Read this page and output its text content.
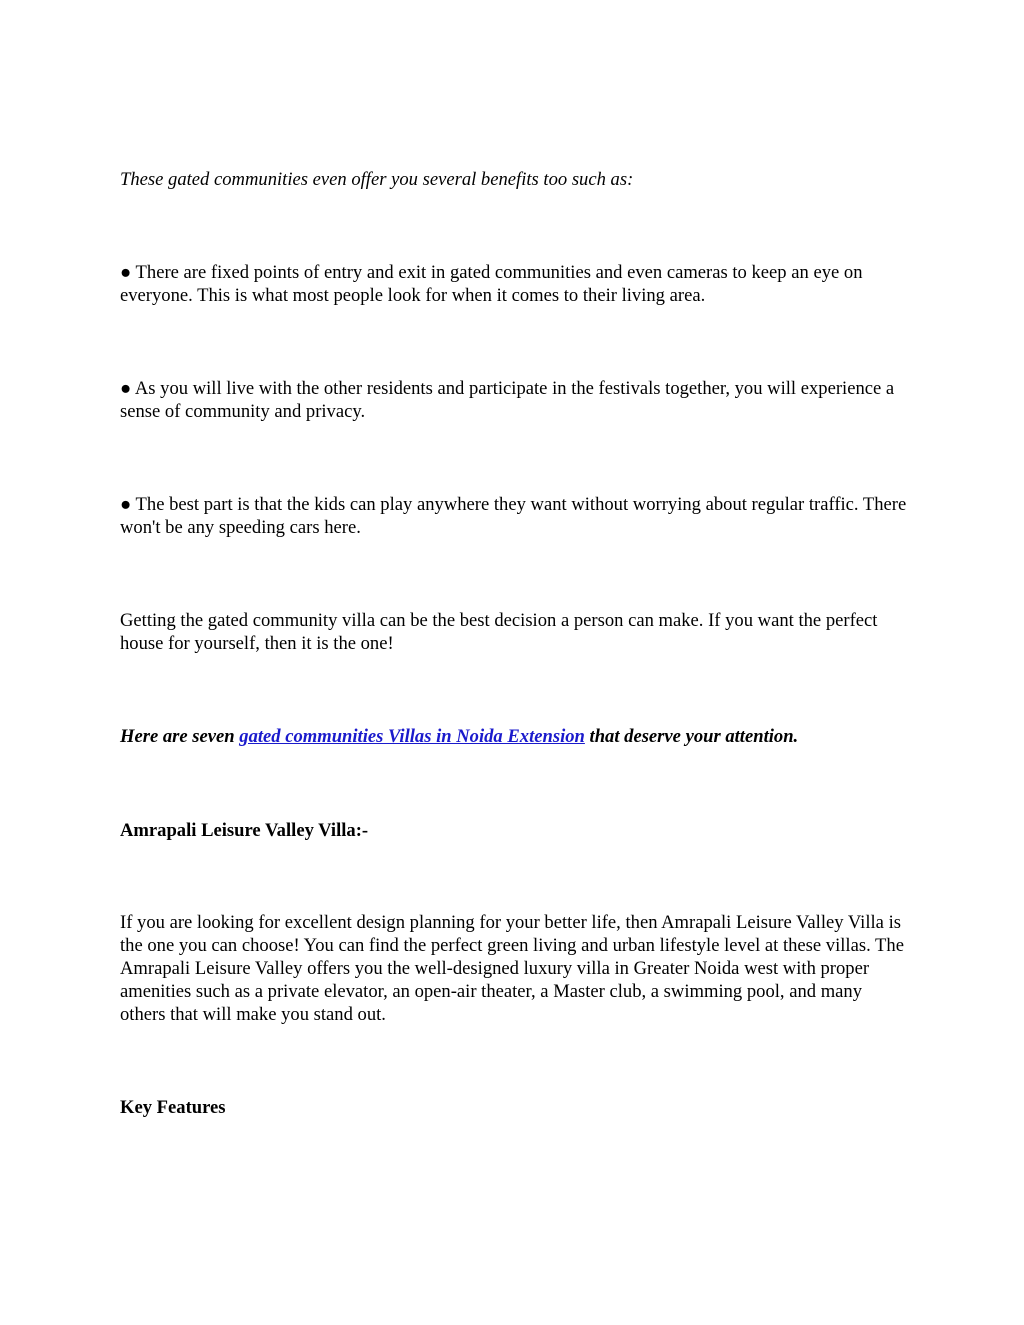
These gated communities even offer you several benefits too such as:

● There are fixed points of entry and exit in gated communities and even cameras to keep an eye on everyone. This is what most people look for when it comes to their living area.

● As you will live with the other residents and participate in the festivals together, you will experience a sense of community and privacy.

● The best part is that the kids can play anywhere they want without worrying about regular traffic. There won't be any speeding cars here.

Getting the gated community villa can be the best decision a person can make. If you want the perfect house for yourself, then it is the one!

Here are seven gated communities Villas in Noida Extension that deserve your attention.

Amrapali Leisure Valley Villa:-

If you are looking for excellent design planning for your better life, then Amrapali Leisure Valley Villa is the one you can choose! You can find the perfect green living and urban lifestyle level at these villas. The Amrapali Leisure Valley offers you the well-designed luxury villa in Greater Noida west with proper amenities such as a private elevator, an open-air theater, a Master club, a swimming pool, and many others that will make you stand out.

Key Features
